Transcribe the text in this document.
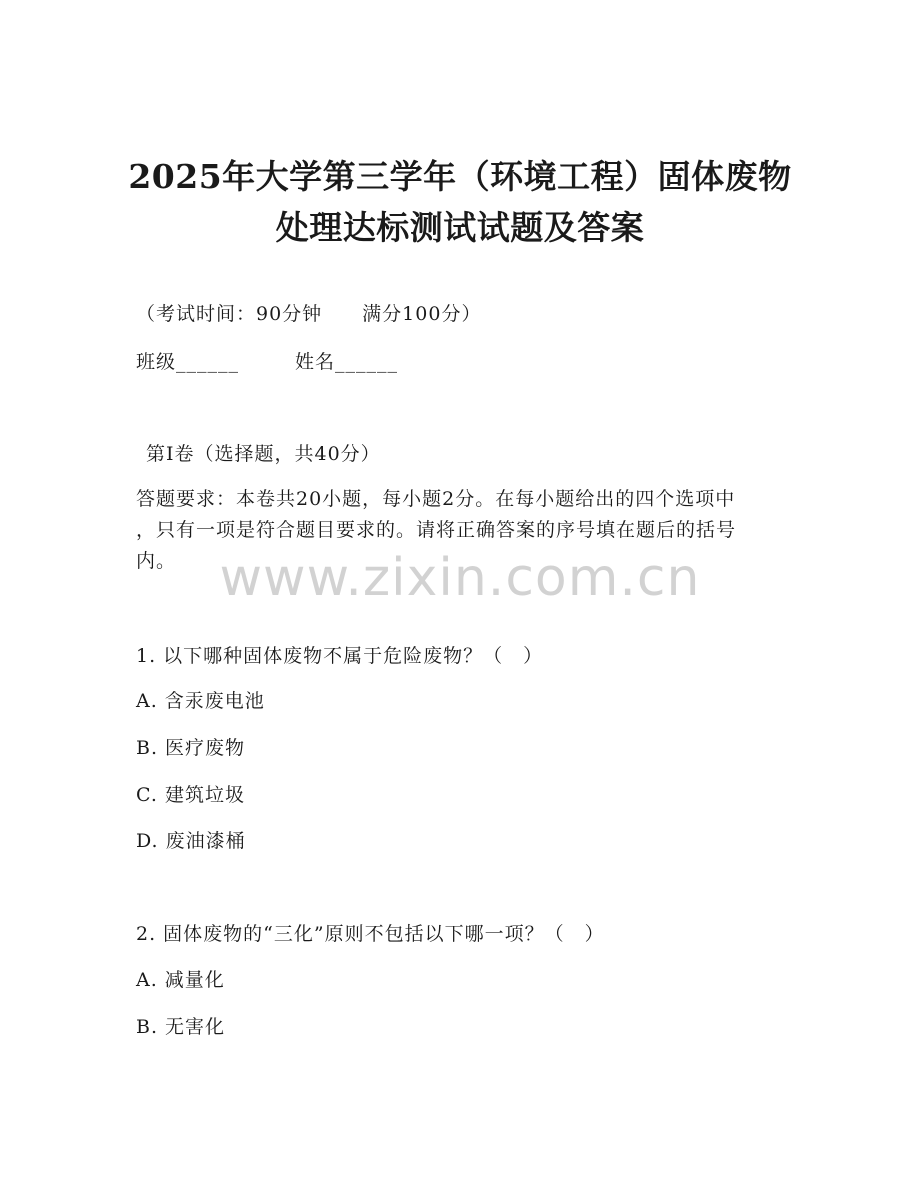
2025年大学第三学年（环境工程）固体废物
处理达标测试试题及答案
（考试时间：90分钟　　满分100分）
班级______	姓名______
第I卷（选择题，共40分）
答题要求：本卷共20小题，每小题2分。在每小题给出的四个选项中
，只有一项是符合题目要求的。请将正确答案的序号填在题后的括号
内。 www.zixin.com.cn
1. 以下哪种固体废物不属于危险废物？（　）
A. 含汞废电池
B. 医疗废物
C. 建筑垃圾
D. 废油漆桶
2. 固体废物的“三化”原则不包括以下哪一项？（　）
A. 减量化
B. 无害化
